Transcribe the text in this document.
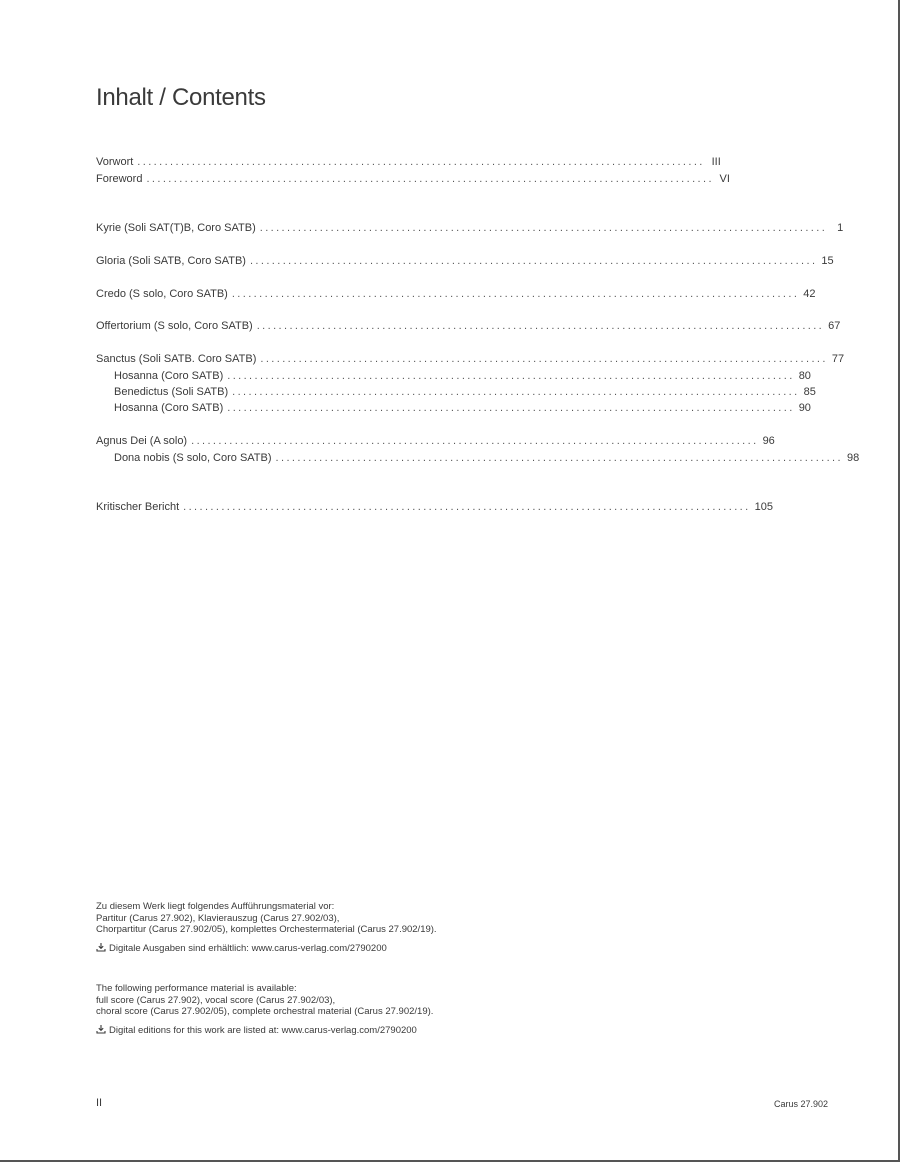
Inhalt / Contents
Vorwort ........................................................................................................ III
Foreword ........................................................................................................ VI
Kyrie (Soli SAT(T)B, Coro SATB) ........................................................................................................ 1
Gloria (Soli SATB, Coro SATB) ........................................................................................................ 15
Credo (S solo, Coro SATB) ........................................................................................................ 42
Offertorium (S solo, Coro SATB) ........................................................................................................ 67
Sanctus (Soli SATB. Coro SATB) ........................................................................................................ 77
Hosanna (Coro SATB) ........................................................................................................ 80
Benedictus (Soli SATB) ........................................................................................................ 85
Hosanna (Coro SATB) ........................................................................................................ 90
Agnus Dei (A solo) ........................................................................................................ 96
Dona nobis (S solo, Coro SATB) ........................................................................................................ 98
Kritischer Bericht ........................................................................................................ 105
Zu diesem Werk liegt folgendes Aufführungsmaterial vor:
Partitur (Carus 27.902), Klavierauszug (Carus 27.902/03),
Chorpartitur (Carus 27.902/05), komplettes Orchestermaterial (Carus 27.902/19).
Digitale Ausgaben sind erhältlich: www.carus-verlag.com/2790200
The following performance material is available:
full score (Carus 27.902), vocal score (Carus 27.902/03),
choral score (Carus 27.902/05), complete orchestral material (Carus 27.902/19).
Digital editions for this work are listed at: www.carus-verlag.com/2790200
II	Carus 27.902
